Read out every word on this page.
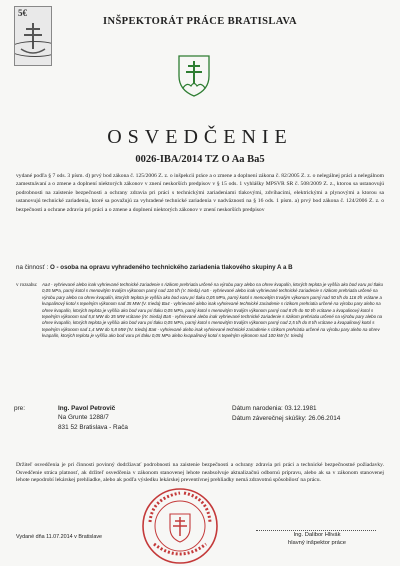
5€
INŠPEKTORÁT PRÁCE BRATISLAVA
OSVEDČENIE
0026-IBA/2014 TZ O Aa Ba5
vydané podľa § 7 ods. 3 písm. d) prvý bod zákona č. 125/2006 Z. z. o inšpekcii práce a o zmene a doplnení zákona č. 82/2005 Z. z. o nelegálnej práci a nelegálnom zamestnávaní a o zmene a doplnení niektorých zákonov v znení neskorších predpisov v § 15 ods. 1 vyhlášky MPSVR SR č. 508/2009 Z. z., ktorou sa ustanovujú podrobnosti na zaistenie bezpečnosti a ochrany zdravia pri práci s technickými zariadeniami tlakovými, zdvíhacími, elektrickými a plynovými a ktorou sa ustanovujú technické zariadenia, ktoré sa považujú za vyhradené technické zariadenia v nadväznosti na § 16 ods. 1 písm. a) prvý bod zákona č. 124/2006 Z. z. o bezpečnosti a ochrane zdravia pri práci a o zmene a doplnení niektorých zákonov v znení neskorších predpisov
na činnosť : O - osoba na opravu vyhradeného technického zariadenia tlakového skupiny A a B
v rozsahu: Aa4 - vyhrievané alebo inak vyhrievané technické zariadenie s rizikom prehriatia určené na výrobu pary alebo na ohrev kvapalín, ktorých teplota je vyššia ako bod varu pri tlaku 0,05 MPa, parný kotol s menovitým trvalým výkonom parný nad 116 t/h (V. trieda) Aa5 - vyhrievané alebo inak vyhrievané technické zariadenie s rizikom prehriatia určené na výrobu pary alebo na ohrev kvapalín, ktorých teplota je vyššia ako bod varu pri tlaku 0,05 MPa, parný kotol s menovitým trvalým výkonom parný nad 50 t/h do 116 t/h vrátane a kvapalinový kotol s tepelným výkonom nad 35 MW (V. trieda) Ba4 - vyhrievané alebo inak vyhrievané technické zariadenie s rizikom prehriatia určené na výrobu pary alebo na ohrev kvapalín, ktorých teplota je vyššia ako bod varu pri tlaku 0,05 MPa, parný kotol s menovitým trvalým výkonom parný nad 8 t/h do 50 t/h vrátane a kvapalinový kotol s tepelným výkonom nad 5,8 MW do 35 MW vrátane (IV. trieda) Ba5 - vyhrievané alebo inak vyhrievané technické zariadenie s rizikom prehriatia určené na výrobu pary alebo na ohrev kvapalín, ktorých teplota je vyššia ako bod varu pri tlaku 0,05 MPa, parný kotol s menovitým trvalým výkonom parný nad 2,5 t/h do 8 t/h vrátane a kvapalinový kotol s tepelným výkonom nad 1,4 MW do 5,8 MW (IV. trieda) Ba6 - vyhrievané alebo inak vyhrievané technické zariadenie s rizikom prehriatia určené na výrobu pary alebo na ohrev kvapalín, ktorých teplota je vyššia ako bod varu pri tlaku 0,05 MPa alebo kvapalinový kotol s tepelným výkonom nad 100 kW (V. trieda)
pre:	Ing. Pavol Petrovič
Na Grunte 1288/7
831 52 Bratislava - Rača
Dátum narodenia: 03.12.1981
Dátum záverečnej skúšky: 26.06.2014
Držiteľ osvedčenia je pri činnosti povinný dodržiavať podrobnosti na zaistenie bezpečnosti a ochrany zdravia pri práci a technické bezpečnostné požiadavky. Osvedčenie stráca platnosť, ak držiteľ osvedčenia v zákonom stanovenej lehote neabsolvuje aktualizačnú odbornú prípravu, alebo ak sa v zákonom stanovenej lehote nepodrobí lekárskej prehliadke, alebo ak podľa výsledku lekárskej preventívnej prehliadky nemá zdravotnú spôsobilosť na prácu.
Vydané dňa 11.07.2014 v Bratislave	Ing. Dalibor Hlivák
hlavný inšpektor práce
